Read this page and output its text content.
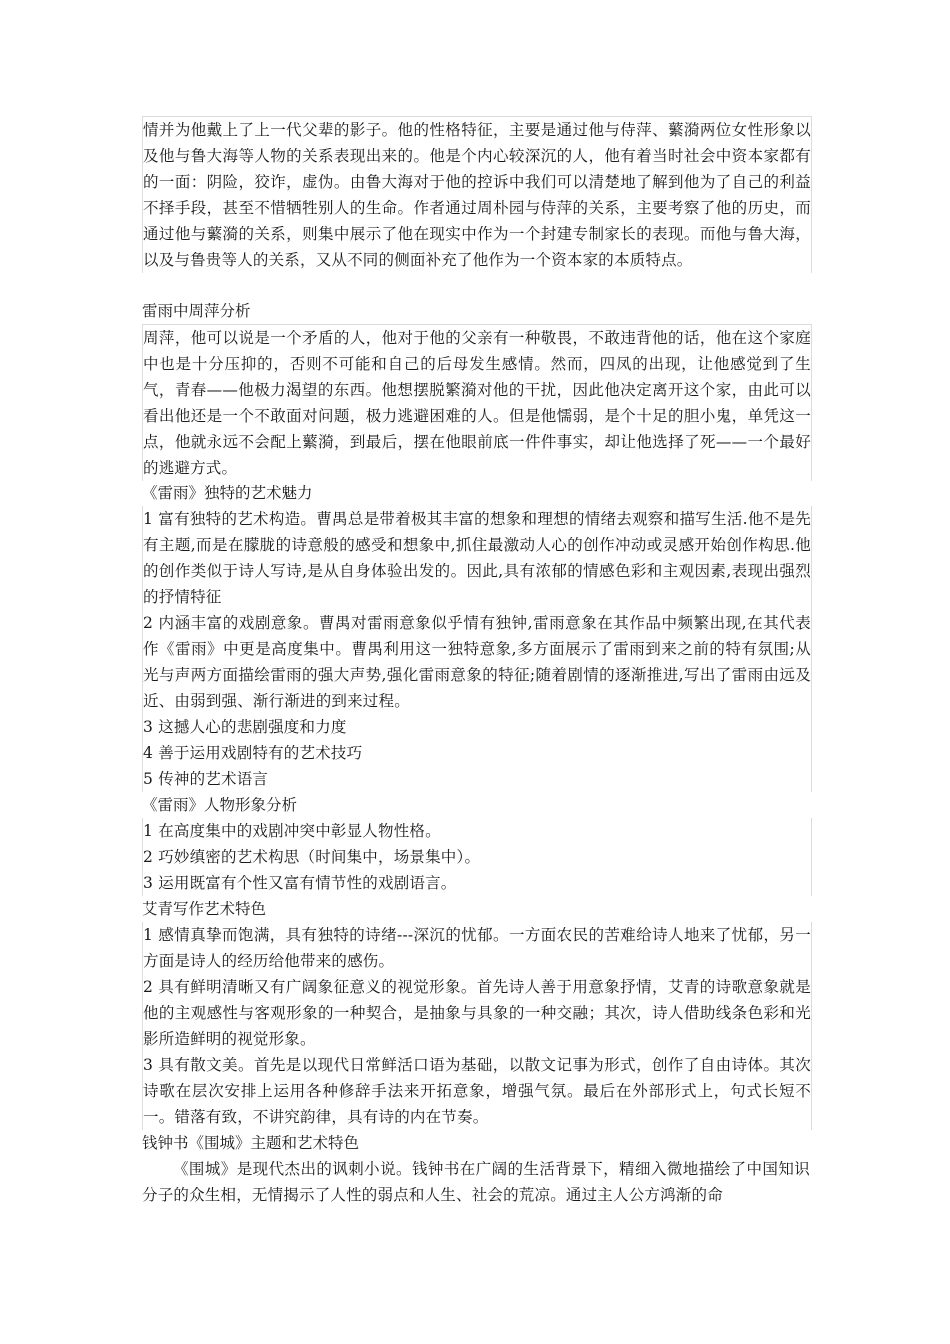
情并为他戴上了上一代父辈的影子。他的性格特征，主要是通过他与侍萍、蘩漪两位女性形象以及他与鲁大海等人物的关系表现出来的。他是个内心较深沉的人，他有着当时社会中资本家都有的一面：阴险，狡诈，虚伪。由鲁大海对于他的控诉中我们可以清楚地了解到他为了自己的利益不择手段，甚至不惜牺牲别人的生命。作者通过周朴园与侍萍的关系，主要考察了他的历史，而通过他与蘩漪的关系，则集中展示了他在现实中作为一个封建专制家长的表现。而他与鲁大海，以及与鲁贵等人的关系，又从不同的侧面补充了他作为一个资本家的本质特点。

雷雨中周萍分析

周萍，他可以说是一个矛盾的人，他对于他的父亲有一种敬畏，不敢违背他的话，他在这个家庭中也是十分压抑的，否则不可能和自己的后母发生感情。然而，四凤的出现，让他感觉到了生气，青春——他极力渴望的东西。他想摆脱繁漪对他的干扰，因此他决定离开这个家，由此可以看出他还是一个不敢面对问题，极力逃避困难的人。但是他懦弱，是个十足的胆小鬼，单凭这一点，他就永远不会配上蘩漪，到最后，摆在他眼前底一件件事实，却让他选择了死——一个最好的逃避方式。

《雷雨》独特的艺术魅力

1 富有独特的艺术构造。曹禺总是带着极其丰富的想象和理想的情绪去观察和描写生活.他不是先有主题,而是在朦胧的诗意般的感受和想象中,抓住最激动人心的创作冲动或灵感开始创作构思.他的创作类似于诗人写诗,是从自身体验出发的。因此,具有浓郁的情感色彩和主观因素,表现出强烈的抒情特征

2 内涵丰富的戏剧意象。曹禺对雷雨意象似乎情有独钟,雷雨意象在其作品中频繁出现,在其代表作《雷雨》中更是高度集中。曹禺利用这一独特意象,多方面展示了雷雨到来之前的特有氛围;从光与声两方面描绘雷雨的强大声势,强化雷雨意象的特征;随着剧情的逐渐推进,写出了雷雨由远及近、由弱到强、渐行渐进的到来过程。

3 这撼人心的悲剧强度和力度

4 善于运用戏剧特有的艺术技巧

5 传神的艺术语言

《雷雨》人物形象分析

1 在高度集中的戏剧冲突中彰显人物性格。

2 巧妙缜密的艺术构思（时间集中，场景集中）。

3 运用既富有个性又富有情节性的戏剧语言。

艾青写作艺术特色

1 感情真挚而饱满，具有独特的诗绪---深沉的忧郁。一方面农民的苦难给诗人地来了忧郁，另一方面是诗人的经历给他带来的感伤。

2 具有鲜明清晰又有广阔象征意义的视觉形象。首先诗人善于用意象抒情，艾青的诗歌意象就是他的主观感性与客观形象的一种契合，是抽象与具象的一种交融；其次，诗人借助线条色彩和光影所造鲜明的视觉形象。

3 具有散文美。首先是以现代日常鲜活口语为基础，以散文记事为形式，创作了自由诗体。其次诗歌在层次安排上运用各种修辞手法来开拓意象，增强气氛。最后在外部形式上，句式长短不一。错落有致，不讲究韵律，具有诗的内在节奏。

钱钟书《围城》主题和艺术特色

《围城》是现代杰出的讽刺小说。钱钟书在广阔的生活背景下，精细入微地描绘了中国知识分子的众生相，无情揭示了人性的弱点和人生、社会的荒凉。通过主人公方鸿渐的命
